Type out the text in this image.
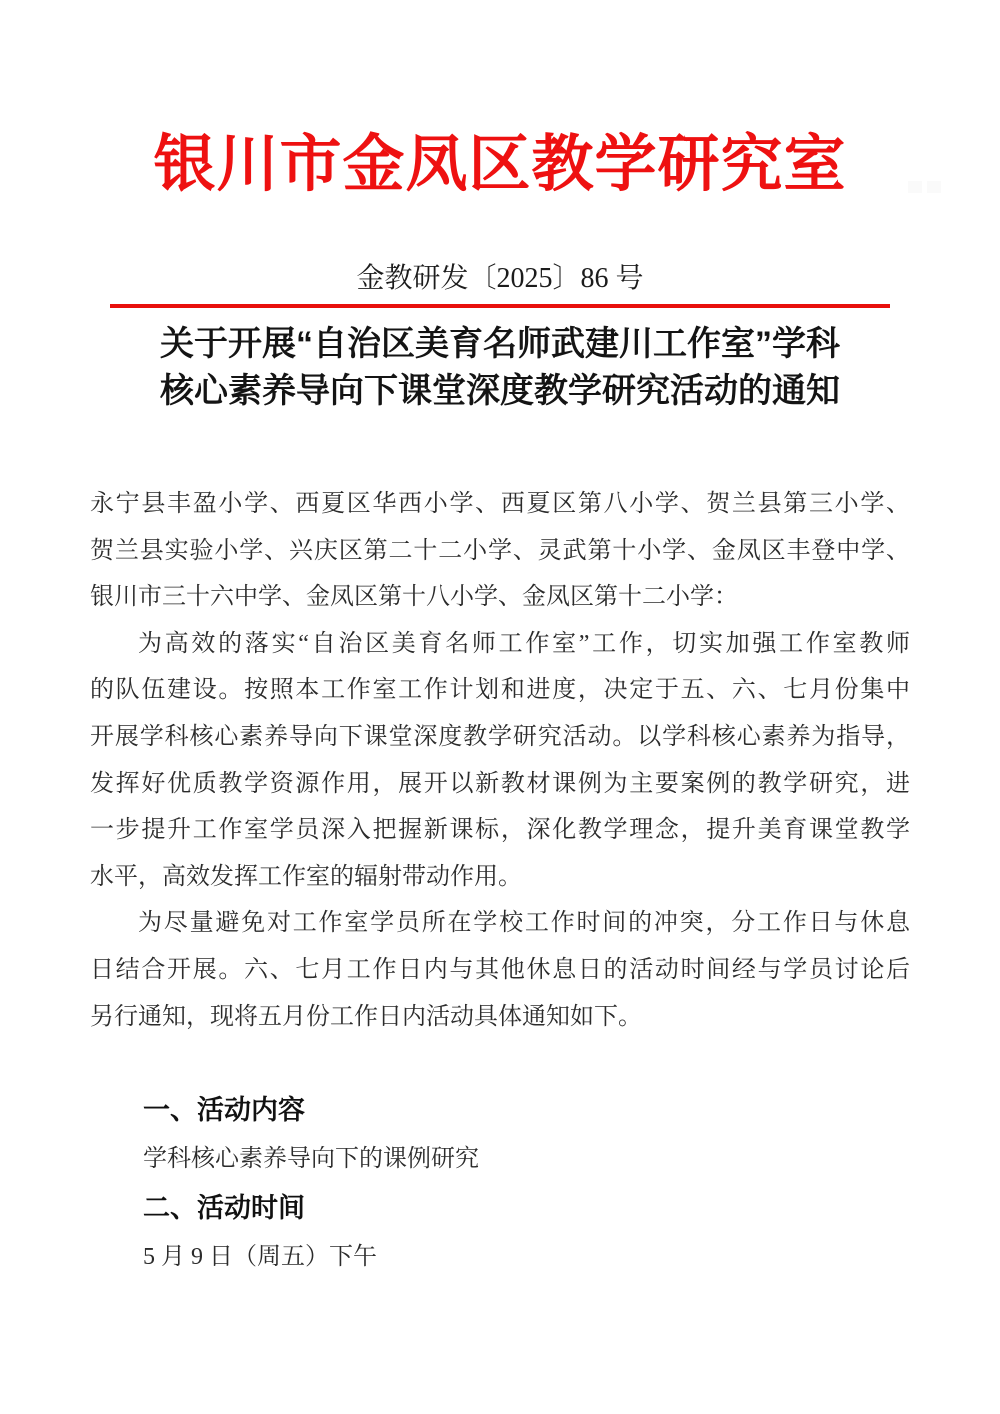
银川市金凤区教学研究室
金教研发〔2025〕86 号
关于开展“自治区美育名师武建川工作室”学科
核心素养导向下课堂深度教学研究活动的通知
永宁县丰盈小学、西夏区华西小学、西夏区第八小学、贺兰县第三小学、
贺兰县实验小学、兴庆区第二十二小学、灵武第十小学、金凤区丰登中学、
银川市三十六中学、金凤区第十八小学、金凤区第十二小学：
为高效的落实“自治区美育名师工作室”工作，切实加强工作室教师
的队伍建设。按照本工作室工作计划和进度，决定于五、六、七月份集中
开展学科核心素养导向下课堂深度教学研究活动。以学科核心素养为指导，
发挥好优质教学资源作用，展开以新教材课例为主要案例的教学研究，进
一步提升工作室学员深入把握新课标，深化教学理念，提升美育课堂教学
水平，高效发挥工作室的辐射带动作用。
为尽量避免对工作室学员所在学校工作时间的冲突，分工作日与休息
日结合开展。六、七月工作日内与其他休息日的活动时间经与学员讨论后
另行通知，现将五月份工作日内活动具体通知如下。
一、活动内容
学科核心素养导向下的课例研究
二、活动时间
5 月 9 日（周五）下午
